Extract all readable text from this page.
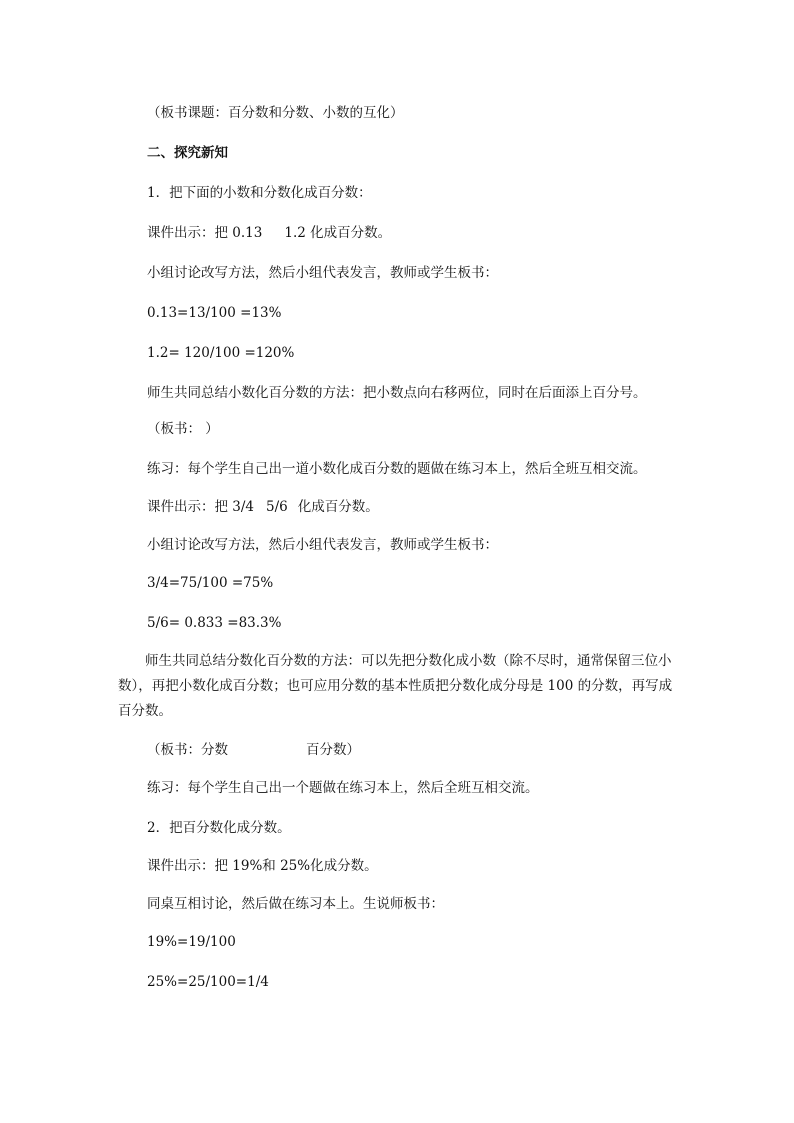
（板书课题：百分数和分数、小数的互化）

二、探究新知

1．把下面的小数和分数化成百分数：

课件出示：把 0.13 1.2 化成百分数。

小组讨论改写方法，然后小组代表发言，教师或学生板书：

0.13=13/100 =13%

1.2= 120/100 =120%

师生共同总结小数化百分数的方法：把小数点向右移两位，同时在后面添上百分号。

（板书： ）

练习：每个学生自己出一道小数化成百分数的题做在练习本上，然后全班互相交流。

课件出示：把 3/4 5/6 化成百分数。

小组讨论改写方法，然后小组代表发言，教师或学生板书：

3/4=75/100 =75%

5/6= 0.833 =83.3%

师生共同总结分数化百分数的方法：可以先把分数化成小数（除不尽时，通常保留三位小数），再把小数化成百分数；也可应用分数的基本性质把分数化成分母是 100 的分数，再写成百分数。

（板书：分数	百分数）

练习：每个学生自己出一个题做在练习本上，然后全班互相交流。

2．把百分数化成分数。

课件出示：把 19%和 25%化成分数。

同桌互相讨论，然后做在练习本上。生说师板书：

19%=19/100

25%=25/100=1/4
